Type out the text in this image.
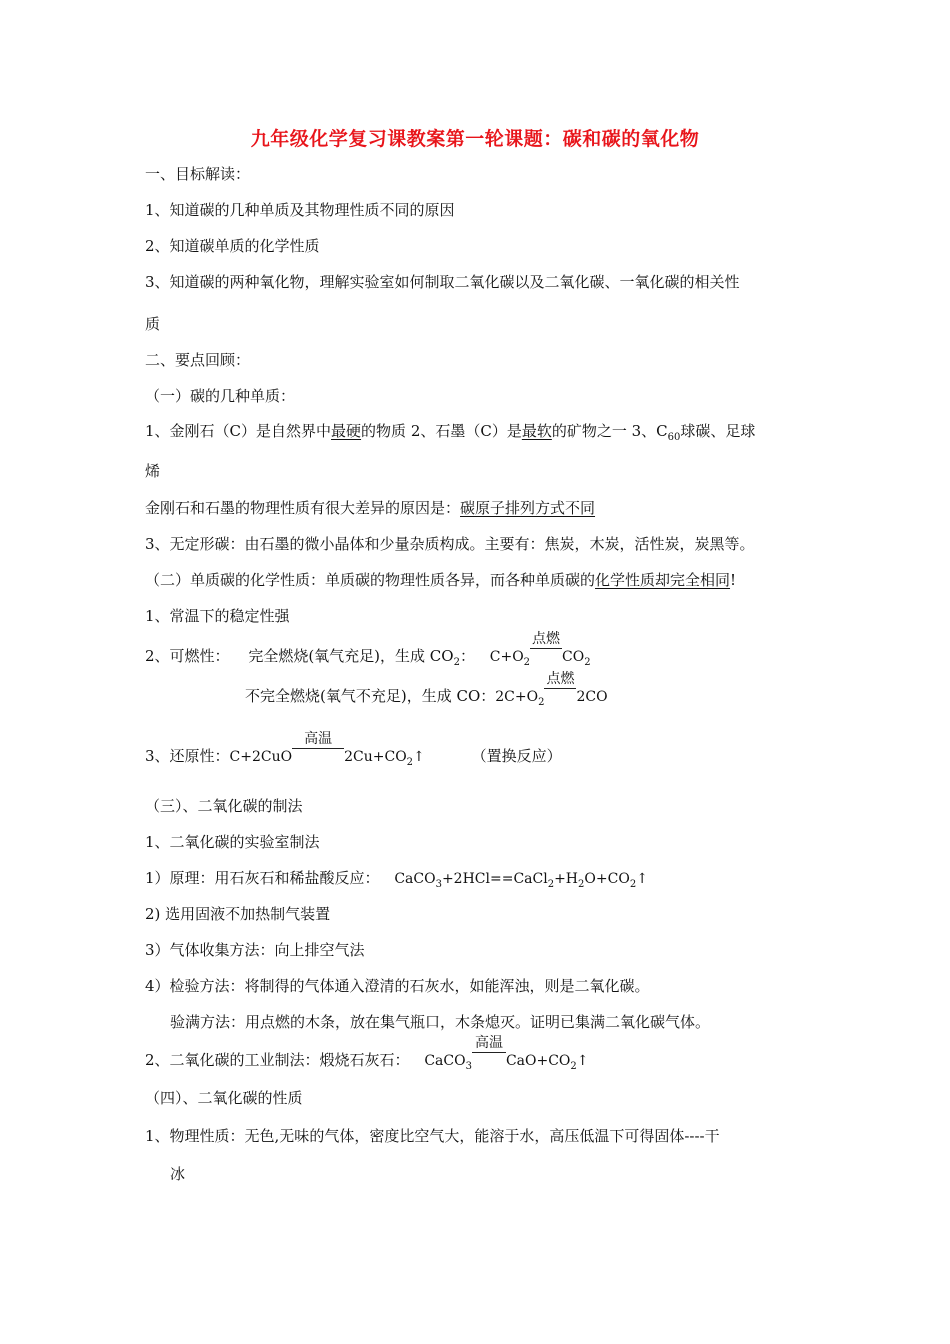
九年级化学复习课教案第一轮课题：碳和碳的氧化物
一、目标解读：
1、知道碳的几种单质及其物理性质不同的原因
2、知道碳单质的化学性质
3、知道碳的两种氧化物，理解实验室如何制取二氧化碳以及二氧化碳、一氧化碳的相关性
质
二、要点回顾：
（一）碳的几种单质：
1、金刚石（C）是自然界中最硬的物质 2、石墨（C）是最软的矿物之一 3、$C_{60}$球碳、足球
烯
金刚石和石墨的物理性质有很大差异的原因是：碳原子排列方式不同
3、无定形碳：由石墨的微小晶体和少量杂质构成。主要有：焦炭，木炭，活性炭，炭黑等。
（二）单质碳的化学性质：单质碳的物理性质各异，而各种单质碳的化学性质却完全相同!
1、常温下的稳定性强
2、可燃性： 完全燃烧(氧气充足)，生成 $CO_2$： $C+O_2$
点燃
$CO_2$
不完全燃烧(氧气不充足)，生成 CO：$2C+O_2$
点燃
2CO
3、还原性：C+2CuO
高温
$2Cu+CO_2↑$	（置换反应）
（三）、二氧化碳的制法
1、二氧化碳的实验室制法
1）原理：用石灰石和稀盐酸反应： $CaCO_3+2HCl==CaCl_2+H_2O+CO_2↑$
2) 选用固液不加热制气装置
3）气体收集方法：向上排空气法
4）检验方法：将制得的气体通入澄清的石灰水，如能浑浊，则是二氧化碳。
验满方法：用点燃的木条，放在集气瓶口，木条熄灭。证明已集满二氧化碳气体。
2、二氧化碳的工业制法：煅烧石灰石： CaCO$_3$
高温
$CaO+CO_2↑$
（四）、二氧化碳的性质
1、物理性质：无色,无味的气体，密度比空气大，能溶于水，高压低温下可得固体----干
冰
